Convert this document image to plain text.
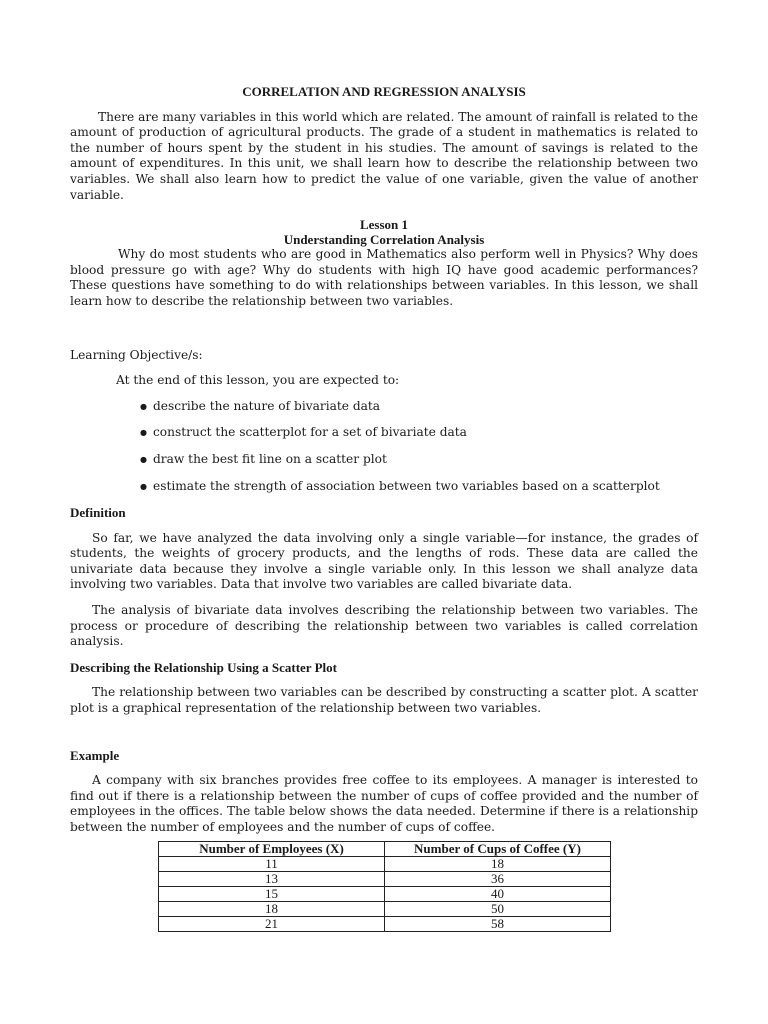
CORRELATION AND REGRESSION ANALYSIS

There are many variables in this world which are related. The amount of rainfall is related to the amount of production of agricultural products. The grade of a student in mathematics is related to the number of hours spent by the student in his studies. The amount of savings is related to the amount of expenditures. In this unit, we shall learn how to describe the relationship between two variables. We shall also learn how to predict the value of one variable, given the value of another variable.

Lesson 1
Understanding Correlation Analysis

Why do most students who are good in Mathematics also perform well in Physics? Why does blood pressure go with age? Why do students with high IQ have good academic performances? These questions have something to do with relationships between variables. In this lesson, we shall learn how to describe the relationship between two variables.

Learning Objective/s:
At the end of this lesson, you are expected to:
● describe the nature of bivariate data
● construct the scatterplot for a set of bivariate data
● draw the best fit line on a scatter plot
● estimate the strength of association between two variables based on a scatterplot
Definition

So far, we have analyzed the data involving only a single variable—for instance, the grades of students, the weights of grocery products, and the lengths of rods. These data are called the univariate data because they involve a single variable only. In this lesson we shall analyze data involving two variables. Data that involve two variables are called bivariate data.

The analysis of bivariate data involves describing the relationship between two variables. The process or procedure of describing the relationship between two variables is called correlation analysis.

Describing the Relationship Using a Scatter Plot

The relationship between two variables can be described by constructing a scatter plot. A scatter plot is a graphical representation of the relationship between two variables.

Example

A company with six branches provides free coffee to its employees. A manager is interested to find out if there is a relationship between the number of cups of coffee provided and the number of employees in the offices. The table below shows the data needed. Determine if there is a relationship between the number of employees and the number of cups of coffee.

Number of Employees (X)	Number of Cups of Coffee (Y)
11	18
13	36
15	40
18	50
21	58
